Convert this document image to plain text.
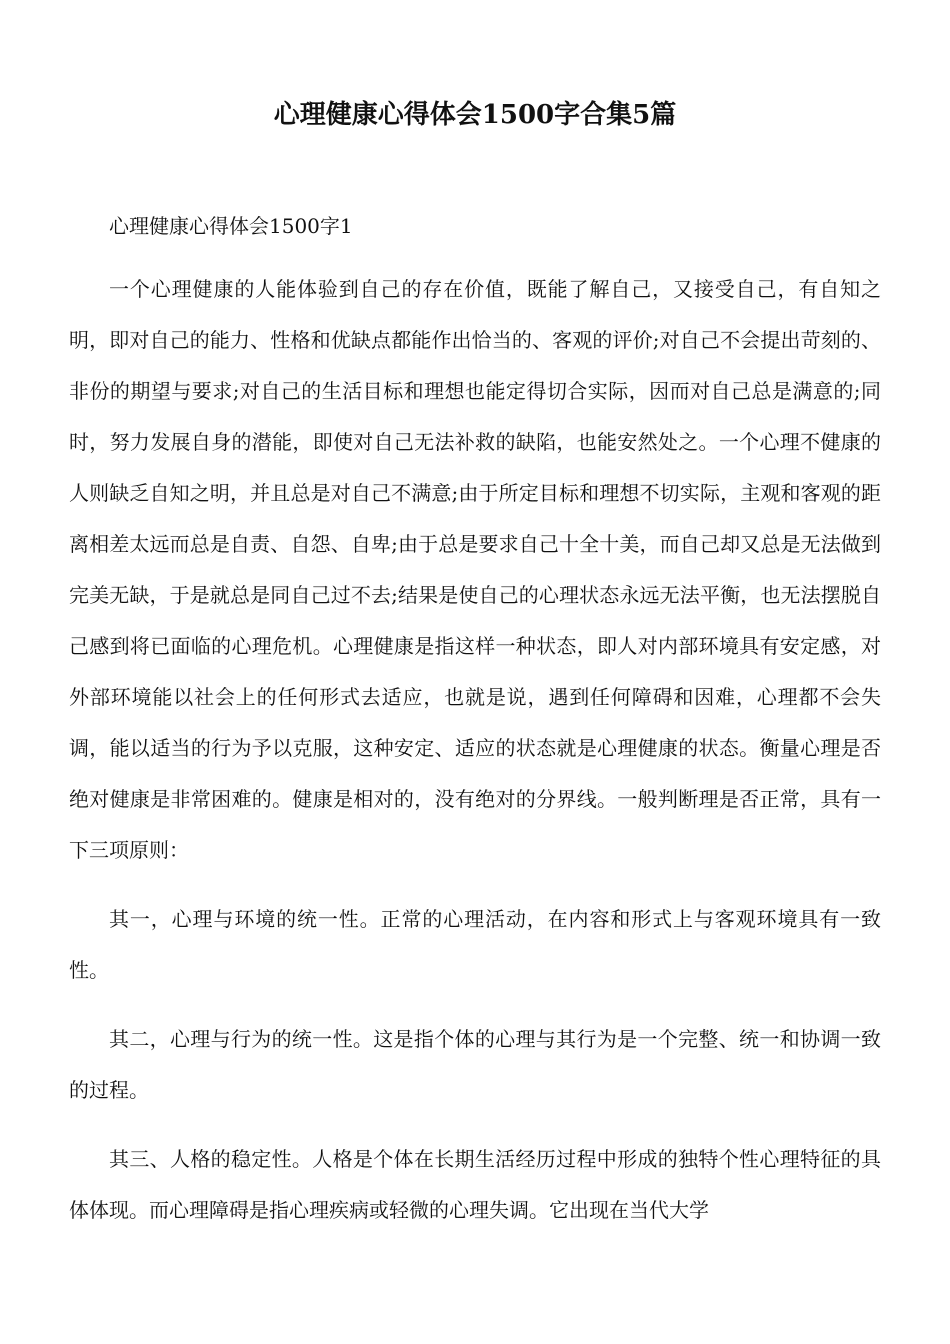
心理健康心得体会1500字合集5篇

心理健康心得体会1500字1

一个心理健康的人能体验到自己的存在价值，既能了解自己，又接受自己，有自知之明，即对自己的能力、性格和优缺点都能作出恰当的、客观的评价;对自己不会提出苛刻的、非份的期望与要求;对自己的生活目标和理想也能定得切合实际，因而对自己总是满意的;同时，努力发展自身的潜能，即使对自己无法补救的缺陷，也能安然处之。一个心理不健康的人则缺乏自知之明，并且总是对自己不满意;由于所定目标和理想不切实际，主观和客观的距离相差太远而总是自责、自怨、自卑;由于总是要求自己十全十美，而自己却又总是无法做到完美无缺，于是就总是同自己过不去;结果是使自己的心理状态永远无法平衡，也无法摆脱自己感到将已面临的心理危机。心理健康是指这样一种状态，即人对内部环境具有安定感，对外部环境能以社会上的任何形式去适应，也就是说，遇到任何障碍和因难，心理都不会失调，能以适当的行为予以克服，这种安定、适应的状态就是心理健康的状态。衡量心理是否绝对健康是非常困难的。健康是相对的，没有绝对的分界线。一般判断理是否正常，具有一下三项原则：

其一，心理与环境的统一性。正常的心理活动，在内容和形式上与客观环境具有一致性。

其二，心理与行为的统一性。这是指个体的心理与其行为是一个完整、统一和协调一致的过程。

其三、人格的稳定性。人格是个体在长期生活经历过程中形成的独特个性心理特征的具体体现。而心理障碍是指心理疾病或轻微的心理失调。它出现在当代大学
